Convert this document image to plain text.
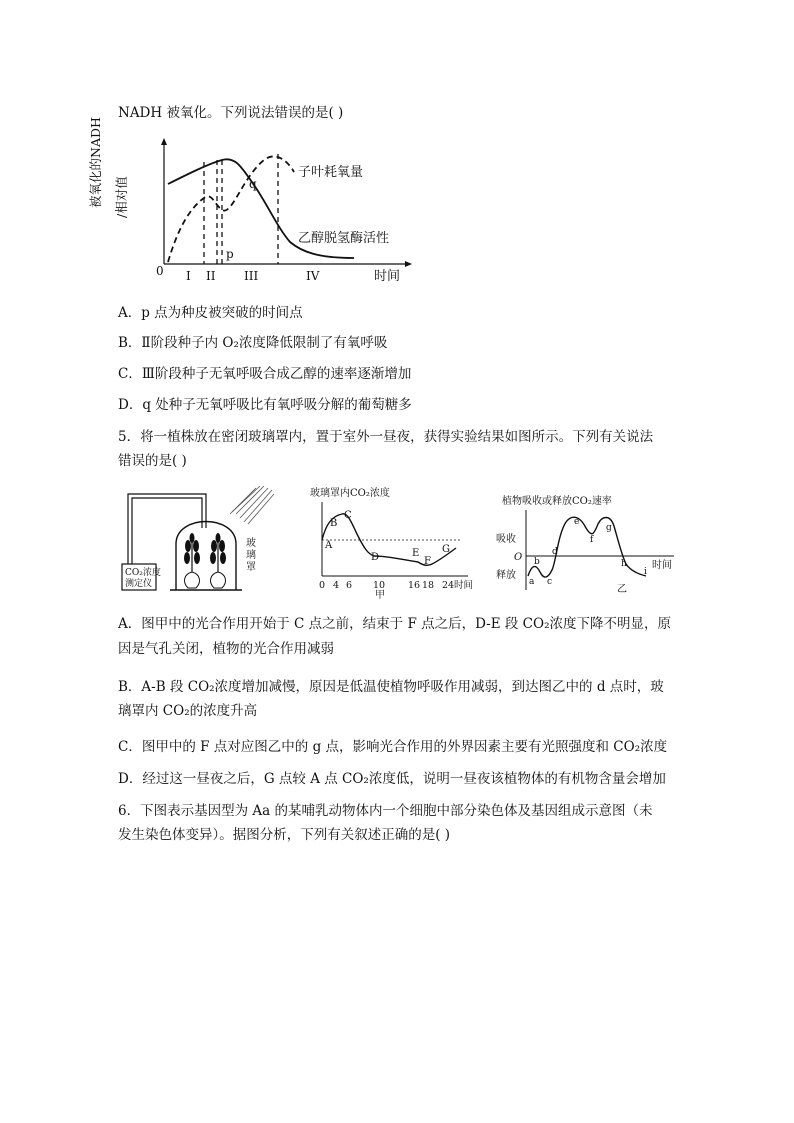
NADH 被氧化。下列说法错误的是( )
被氧化的NADH /相对值
子叶耗氧量
乙醇脱氢酶活性
q
p
0 I II III	IV	时间
A．p 点为种皮被突破的时间点
B．Ⅱ阶段种子内 O₂浓度降低限制了有氧呼吸
C．Ⅲ阶段种子无氧呼吸合成乙醇的速率逐渐增加
D．q 处种子无氧呼吸比有氧呼吸分解的葡萄糖多
5．将一植株放在密闭玻璃罩内，置于室外一昼夜，获得实验结果如图所示。下列有关说法
错误的是( )
CO₂浓度
测定仪
玻
璃
罩
玻璃罩内CO₂浓度
A
B
C
D	E
F
G
0 4 6 10 16 18 24 时间
甲
植物吸收或释放CO₂速率
吸收
O
释放
a
b
c
d
e
f
g
h
i
时间
乙
A．图甲中的光合作用开始于 C 点之前，结束于 F 点之后，D-E 段 CO₂浓度下降不明显，原
因是气孔关闭，植物的光合作用减弱
B．A-B 段 CO₂浓度增加减慢，原因是低温使植物呼吸作用减弱，到达图乙中的 d 点时，玻
璃罩内 CO₂的浓度升高
C．图甲中的 F 点对应图乙中的 g 点，影响光合作用的外界因素主要有光照强度和 CO₂浓度
D．经过这一昼夜之后，G 点较 A 点 CO₂浓度低，说明一昼夜该植物体的有机物含量会增加
6．下图表示基因型为 Aa 的某哺乳动物体内一个细胞中部分染色体及基因组成示意图（未
发生染色体变异）。据图分析，下列有关叙述正确的是( )
